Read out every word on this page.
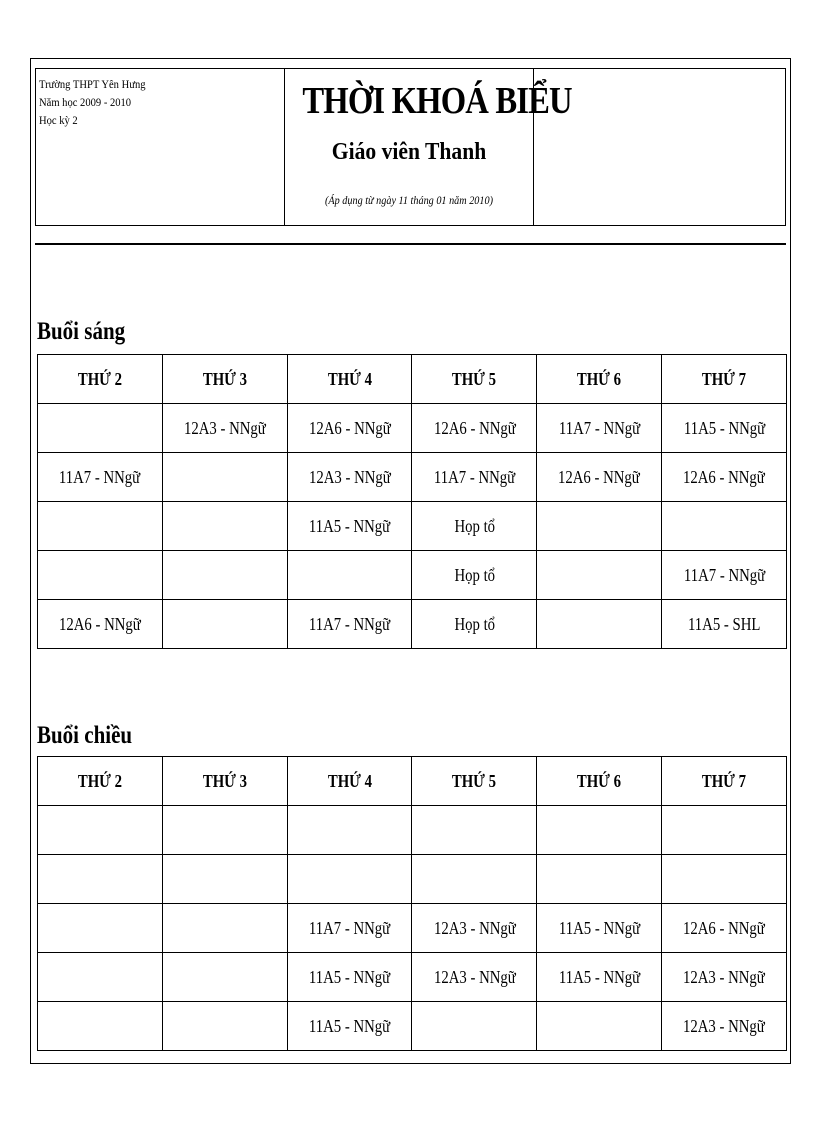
Trường THPT Yên Hưng
Năm học 2009 - 2010
Học kỳ 2	THỜI KHOÁ BIỂU
Giáo viên Thanh
(Áp dụng từ ngày 11 tháng 01 năm 2010)
Buổi sáng
THỨ 2	THỨ 3	THỨ 4	THỨ 5	THỨ 6	THỨ 7
	12A3 - NNgữ	12A6 - NNgữ	12A6 - NNgữ	11A7 - NNgữ	11A5 - NNgữ
11A7 - NNgữ		12A3 - NNgữ	11A7 - NNgữ	12A6 - NNgữ	12A6 - NNgữ
		11A5 - NNgữ	Họp tổ		
			Họp tổ		11A7 - NNgữ
12A6 - NNgữ		11A7 - NNgữ	Họp tổ		11A5 - SHL
Buổi chiều
THỨ 2	THỨ 3	THỨ 4	THỨ 5	THỨ 6	THỨ 7

		11A7 - NNgữ	12A3 - NNgữ	11A5 - NNgữ	12A6 - NNgữ
		11A5 - NNgữ	12A3 - NNgữ	11A5 - NNgữ	12A3 - NNgữ
		11A5 - NNgữ			12A3 - NNgữ
